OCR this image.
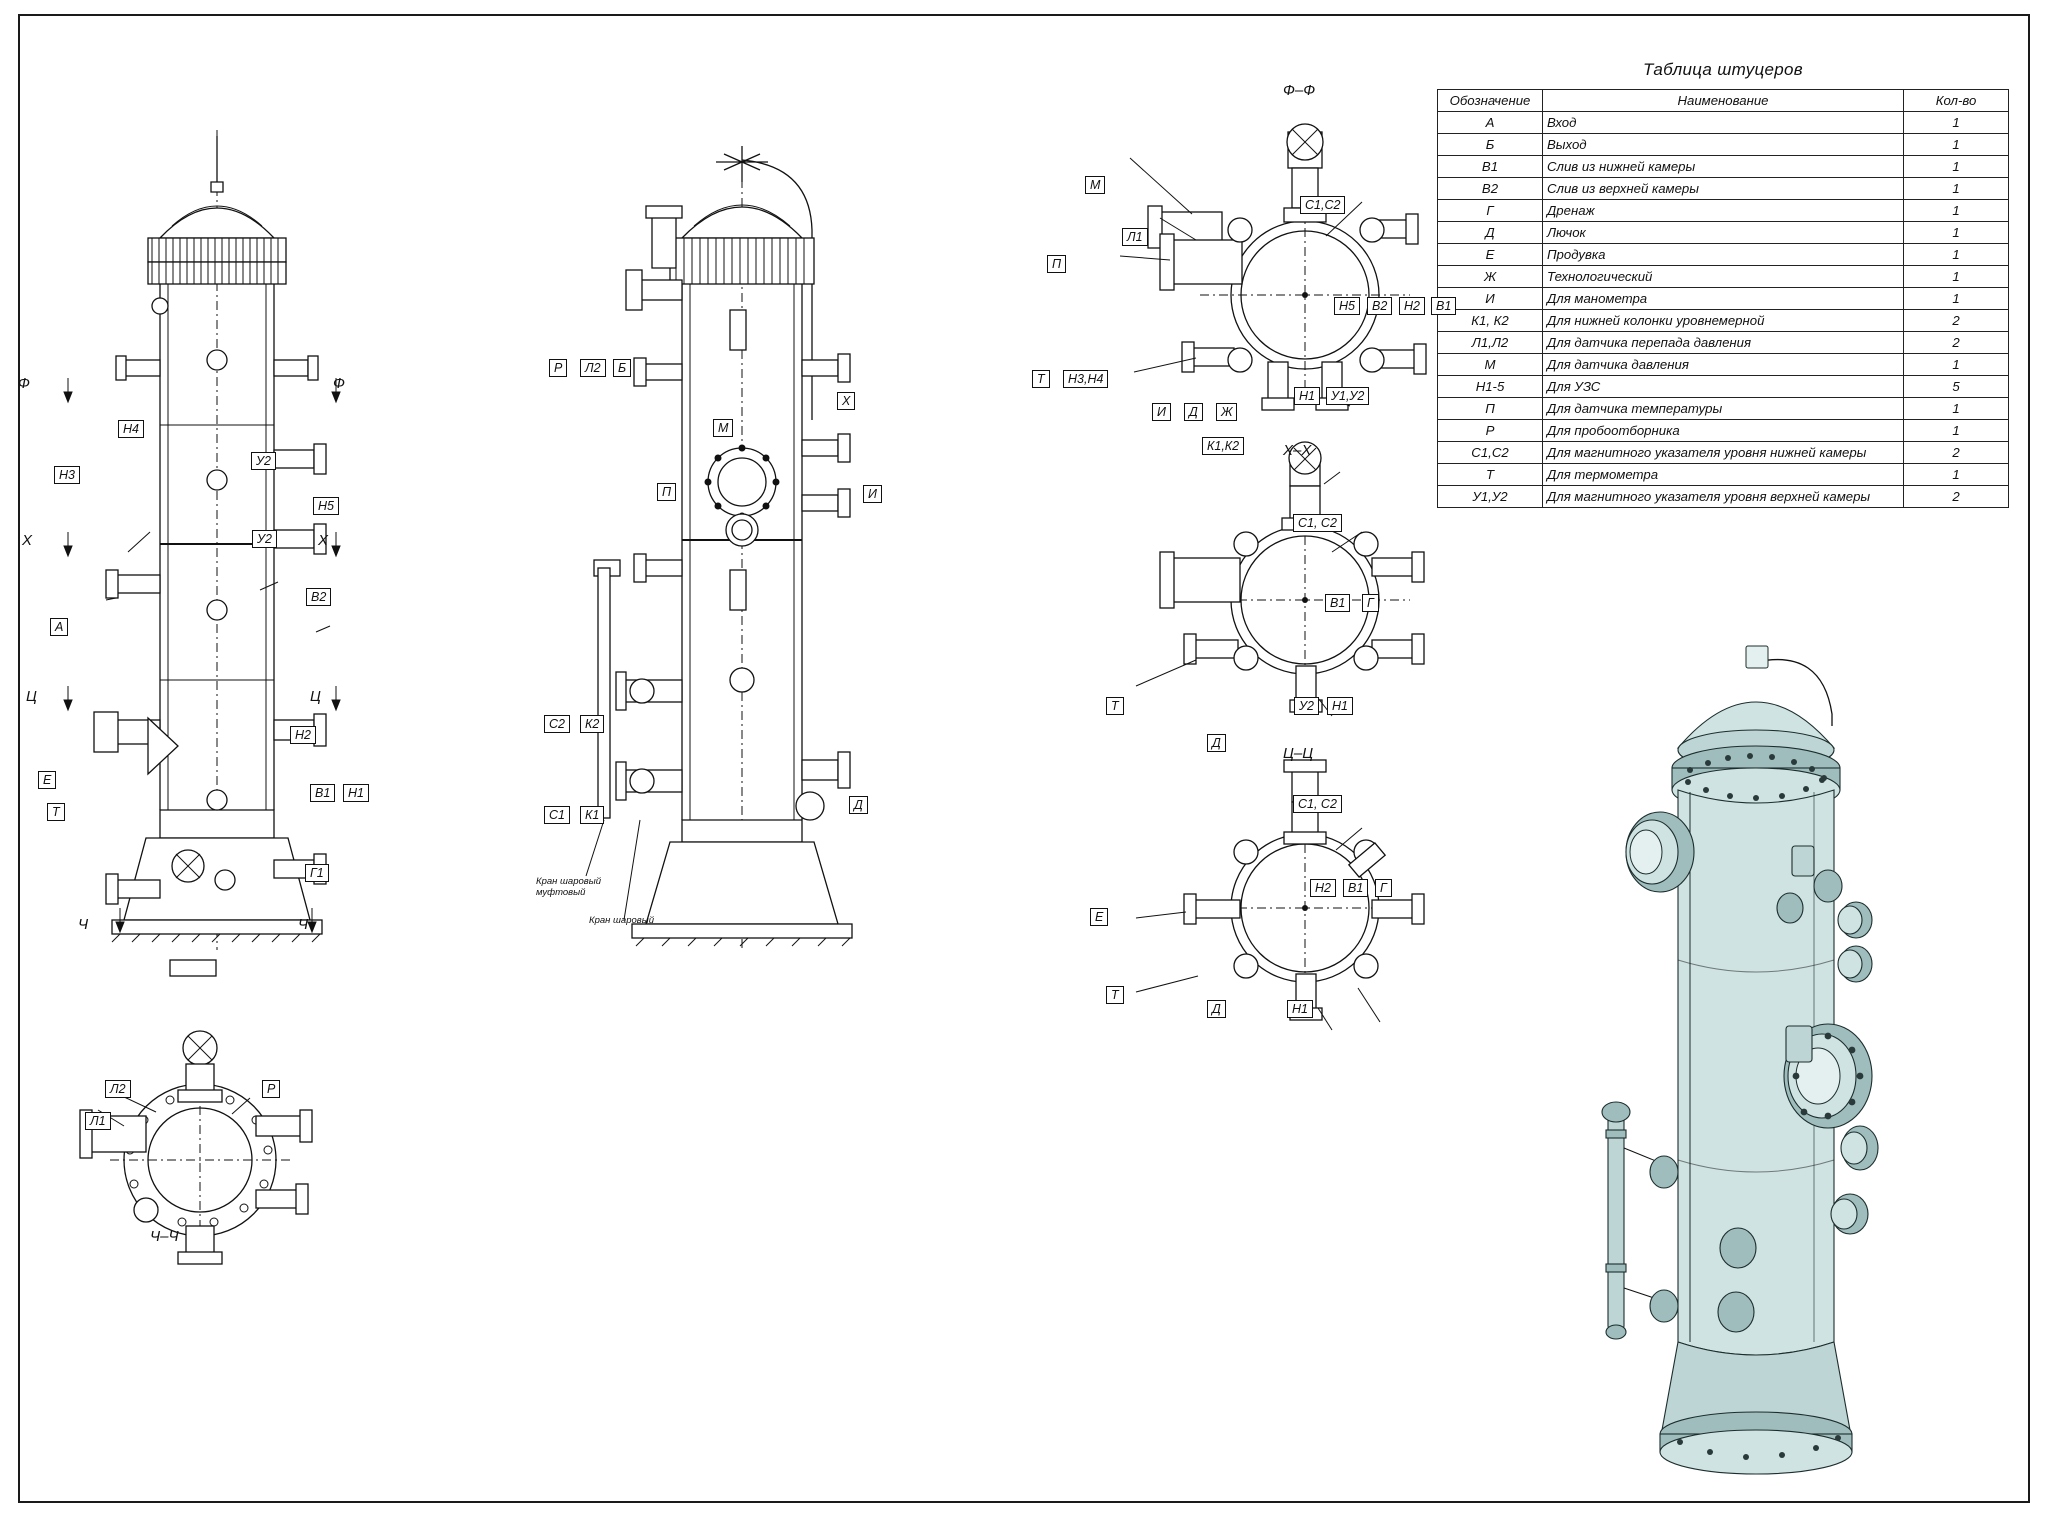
Таблица штуцеров
Обозначение	Наименование	Кол-во
А	Вход	1
Б	Выход	1
В1	Слив из нижней камеры	1
В2	Слив из верхней камеры	1
Г	Дренаж	1
Д	Лючок	1
Е	Продувка	1
Ж	Технологический	1
И	Для манометра	1
К1, К2	Для нижней колонки уровнемерной	2
Л1,Л2	Для датчика перепада давления	2
М	Для датчика давления	1
Н1-5	Для УЗС	5
П	Для датчика температуры	1
Р	Для пробоотборника	1
С1,С2	Для магнитного указателя уровня нижней камеры	2
Т	Для термометра	1
У1,У2	Для магнитного указателя уровня верхней камеры	2
Ф–Ф
Х–Х
Ц–Ц
Н4
У2
Н3
Н5
У2
В2
А
Н2
Е
Т
В1	Н1
Г1
Ф	Ф
Х	Х
Ц	Ц
Ч	Ч
Р	Л2	Б
Х
М
П	И
С2	К2
С1	К1
Д
Кран шаровый
муфтовый
Кран шаровый
М
Л1
С1,С2
П
Н5	В2	Н2	В1
Т	Н3,Н4
Н1	У1,У2
И	Д	Ж
К1,К2
С1, С2
В1	Г
Т	У2	Н1
Д
С1, С2
Н2	В1	Г
Е
Т
Д	Н1
Л2	Р
Л1
Ч–Ч
